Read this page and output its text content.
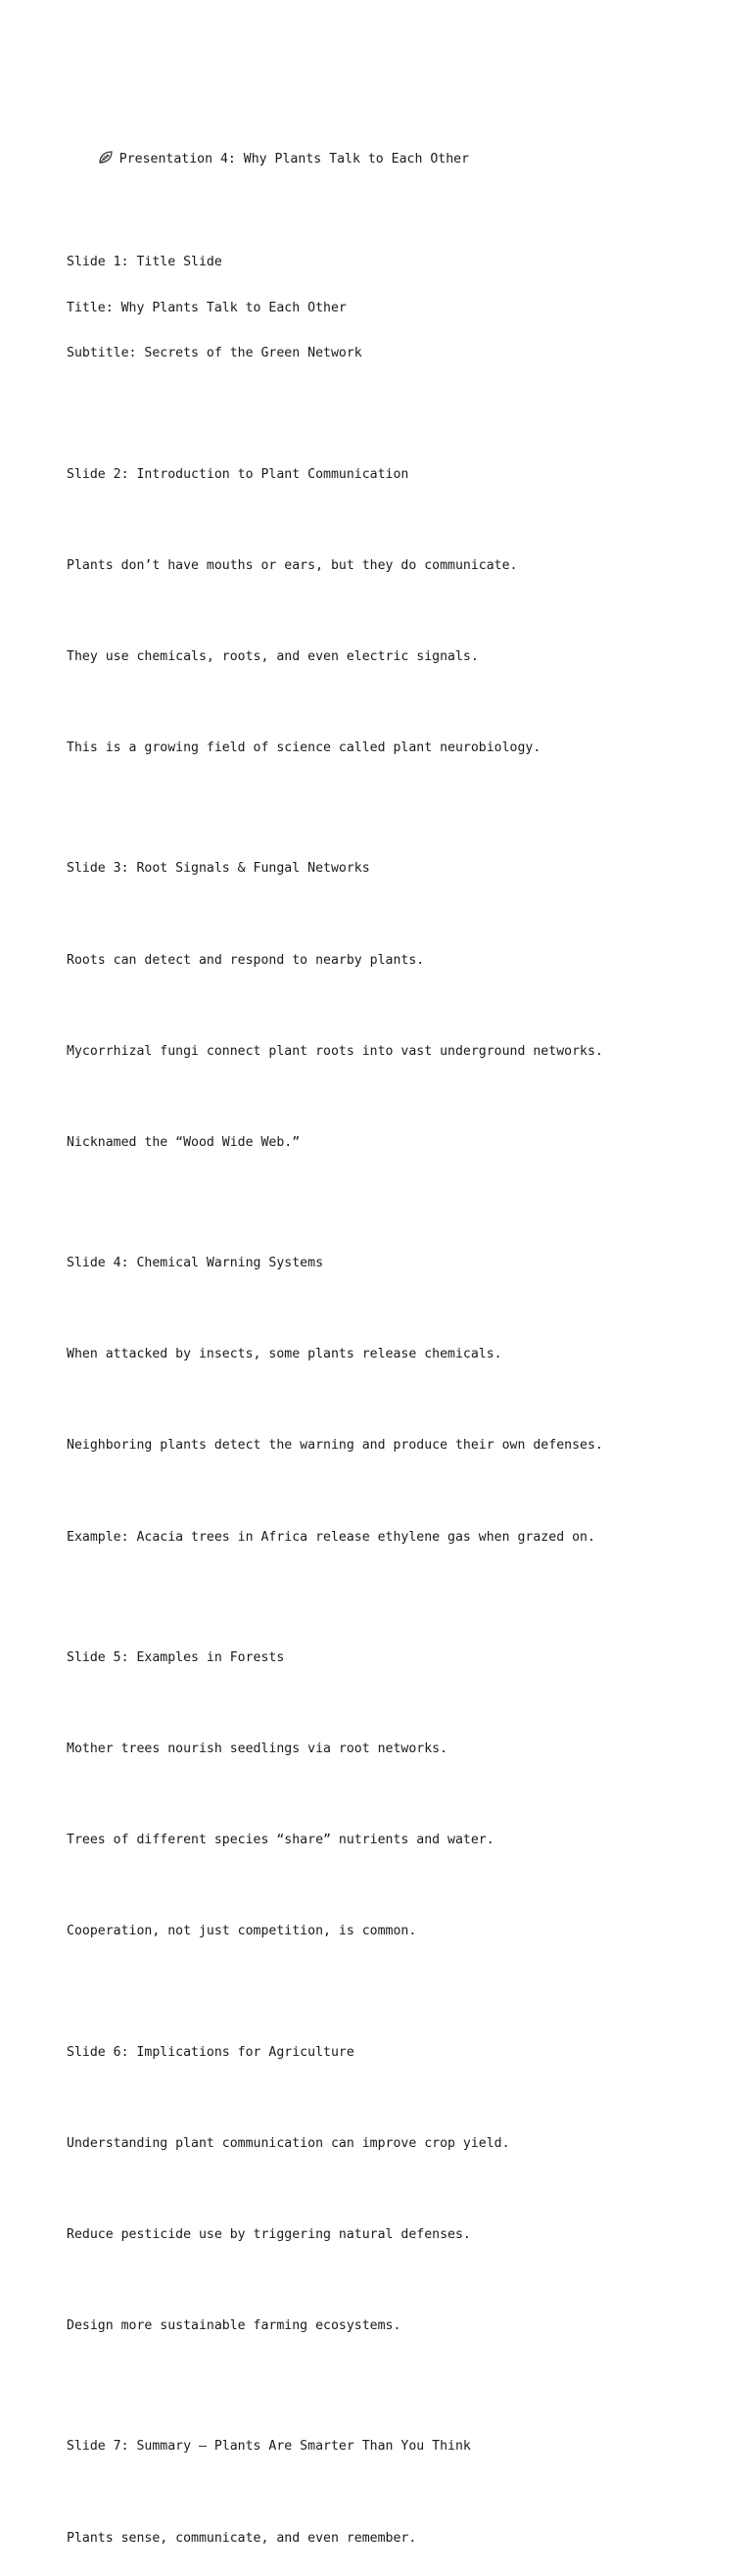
Presentation 4: Why Plants Talk to Each Other

Slide 1: Title Slide

Title: Why Plants Talk to Each Other

Subtitle: Secrets of the Green Network

Slide 2: Introduction to Plant Communication

Plants don’t have mouths or ears, but they do communicate.

They use chemicals, roots, and even electric signals.

This is a growing field of science called plant neurobiology.

Slide 3: Root Signals & Fungal Networks

Roots can detect and respond to nearby plants.

Mycorrhizal fungi connect plant roots into vast underground networks.

Nicknamed the “Wood Wide Web.”

Slide 4: Chemical Warning Systems

When attacked by insects, some plants release chemicals.

Neighboring plants detect the warning and produce their own defenses.

Example: Acacia trees in Africa release ethylene gas when grazed on.

Slide 5: Examples in Forests

Mother trees nourish seedlings via root networks.

Trees of different species “share” nutrients and water.

Cooperation, not just competition, is common.

Slide 6: Implications for Agriculture

Understanding plant communication can improve crop yield.

Reduce pesticide use by triggering natural defenses.

Design more sustainable farming ecosystems.

Slide 7: Summary – Plants Are Smarter Than You Think

Plants sense, communicate, and even remember.
